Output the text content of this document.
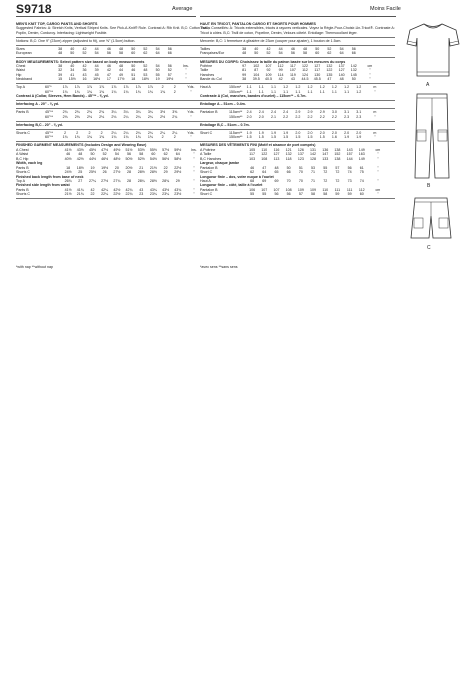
S9718	Average	Moins Facile
MEN'S KNIT TOP, CARGO PANTS AND SHORTS
Suggested Fabrics: A: Stretch Knits, Vertical Striped Knits. See Pick-A-Knit® Rule. Contrast A: Rib Knit. B,C: Cotton Twill, Poplin, Denim, Corduroy. Interfacing: Lightweight Fusible.
Notions: B,C: One 9" (23cm) zipper (adjusted to fit), one ⅝" (1.5cm) button.
Sizes	38	40	42	44	46	48	50	52	54	56
European	48	50	52	54	56	58	60	62	64	66
BODY MEASUREMENTS: Select pattern size based on body measurements
Chest	38	40	42	44	46	48	50	52	54	56	Ins.
Waist	32	34	36	39	42	44	46	48	50	52	"
Hip	39	41	43	45	47	49	51	53	55	57	"
Neckband	15	15½	16	16½	17	17½	18	18½	19	19½	"
Top A	60"*	1⅞	1⅞	1⅞	1⅞	1⅞	1⅞	1⅞	1⅞	2	2	Yds.
60"**	1¾	1¾	1¾	1¾	1¾	1¾	1¾	1¾	1¾	2	"
Contrast A (Collar, Sleeves, Hem Bands) - 45"** - ⅝ yd.
Interfacing A - 20" - ⅛ yd.
Pants B	45"**	2¾	2¾	2¾	2¾	3¼	3¼	3¼	3¼	3½	3⅝	Yds.
60"**	2⅛	2⅛	2⅛	2⅛	2⅛	2¼	2¼	2¼	2½	2¾	"
Interfacing B,C - 20" - ⅜ yd.
Shorts C	45"**	2	2	2	2	2¼	2¼	2¼	2¼	2¼	2¼	Yds.
60"**	1¾	1¾	1¾	1¾	1¾	1¾	1¾	1¾	2	2	"
FINISHED GARMENT MEASUREMENTS (Includes Design and Wearing Ease)
A Chest	41½	43½	45½	47½	49½	51½	53½	55½	57½	59½	Ins.
A Waist	46	48	50	52	54	56	58	60	62	64	"
B,C Hip	40½	42½	44½	46½	48½	50½	52½	54½	56½	58½	"
Width, each leg
Pants B	18	18½	19	19½	20	20½	21	21½	22	22½	"
Shorts C	24½	25	25½	26	27½	28	28½	28½	29	29½	"
Finished back length from base of neck
Top A	26¾	27	27¼	27½	27¾	28	28¼	28½	28¾	29	"
Finished side length from waist
Pants B	41½	41¾	42	42¼	42½	42¾	43	43¼	43½	43¾	"
Shorts C	21½	21¾	22	22¼	22½	22¾	23	23¼	23¼	23½	"
HAUT EN TRICOT, PANTALON CARGO ET SHORTS POUR HOMMES
Tissus Conseillés: A: Tricots extensibles, tricots à rayures verticales. Voyez la Règle-Pour-Choisir-Un-Tricot®. Contraste A: Tricot à côtes. B,C: Twill de coton, Popeline, Denim, Velours côtelé. Entoilage: Thermocollant léger.
Mercerie: B,C: 1 fermeture à glissière de 23cm (couper pour ajuster), 1 bouton de 1.5cm.
Tailles	38	40	42	44	46	48	50	52	54	56
Françaises/Eur	48	50	52	54	56	58	60	62	64	66
MESURES DU CORPS: Choisissez la taille du patron basée sur les mesures du corps
Poitrine	97	102	107	112	117	122	127	132	137	142	cm
Taille	81	87	92	99	107	112	117	122	127	132	"
Hanches	99	104	109	114	119	124	130	135	140	145	"
Bande du Col	38	39.5	40.5	42	43	44.5	45.5	47	48	50	"
Haut A	150cm*	1.1	1.1	1.1	1.2	1.2	1.2	1.2	1.2	1.2	1.2	m
150cm**	1.1	1.1	1.1	1.1	1.1	1.1	1.1	1.1	1.1	1.2	"
Contraste A (Col, manches, bandes d'ourlet) – 115cm** – 0.7m.
Entoilage A – 51cm – 0.4m.
Pantalon B	115cm**	2.4	2.4	2.4	2.4	2.9	2.9	2.9	3.0	3.1	3.1	m
150cm**	2.0	2.0	2.1	2.2	2.2	2.2	2.2	2.2	2.3	2.3	"
Entoilage B,C – 51cm – 0.7m.
Short C	115cm**	1.9	1.9	1.9	1.9	2.0	2.0	2.0	2.0	2.0	2.0	m
150cm**	1.5	1.5	1.5	1.5	1.5	1.5	1.5	1.6	1.9	1.9	"
MESURES DES VÊTEMENTS FINI (Motif et aisance de port compris)
A Poitrine	105	110	116	121	126	131	136	138	143	149	cm
A Taille	117	122	127	132	137	142	147	152	157	163	"
B,C Hanches	103	108	113	118	123	128	133	138	144	149	"
Largeur, chaque jambe
Pantalon B	46	47	48	50	51	53	55	57	56	61	"
Short C	62	64	65	66	70	71	72	72	74	75	"
Longueur finie – dos, votre nuque à l'ourlet
Haut A	68	69	69	70	70	71	72	72	73	74	"
Longueur finie – côté, taille à l'ourlet
Pantalon B	106	107	107	108	109	109	110	111	111	112	cm
Short C	55	55	56	56	57	58	58	59	59	60	"
*with nap **without nap	*avec sens **sans sens
A
B
C
